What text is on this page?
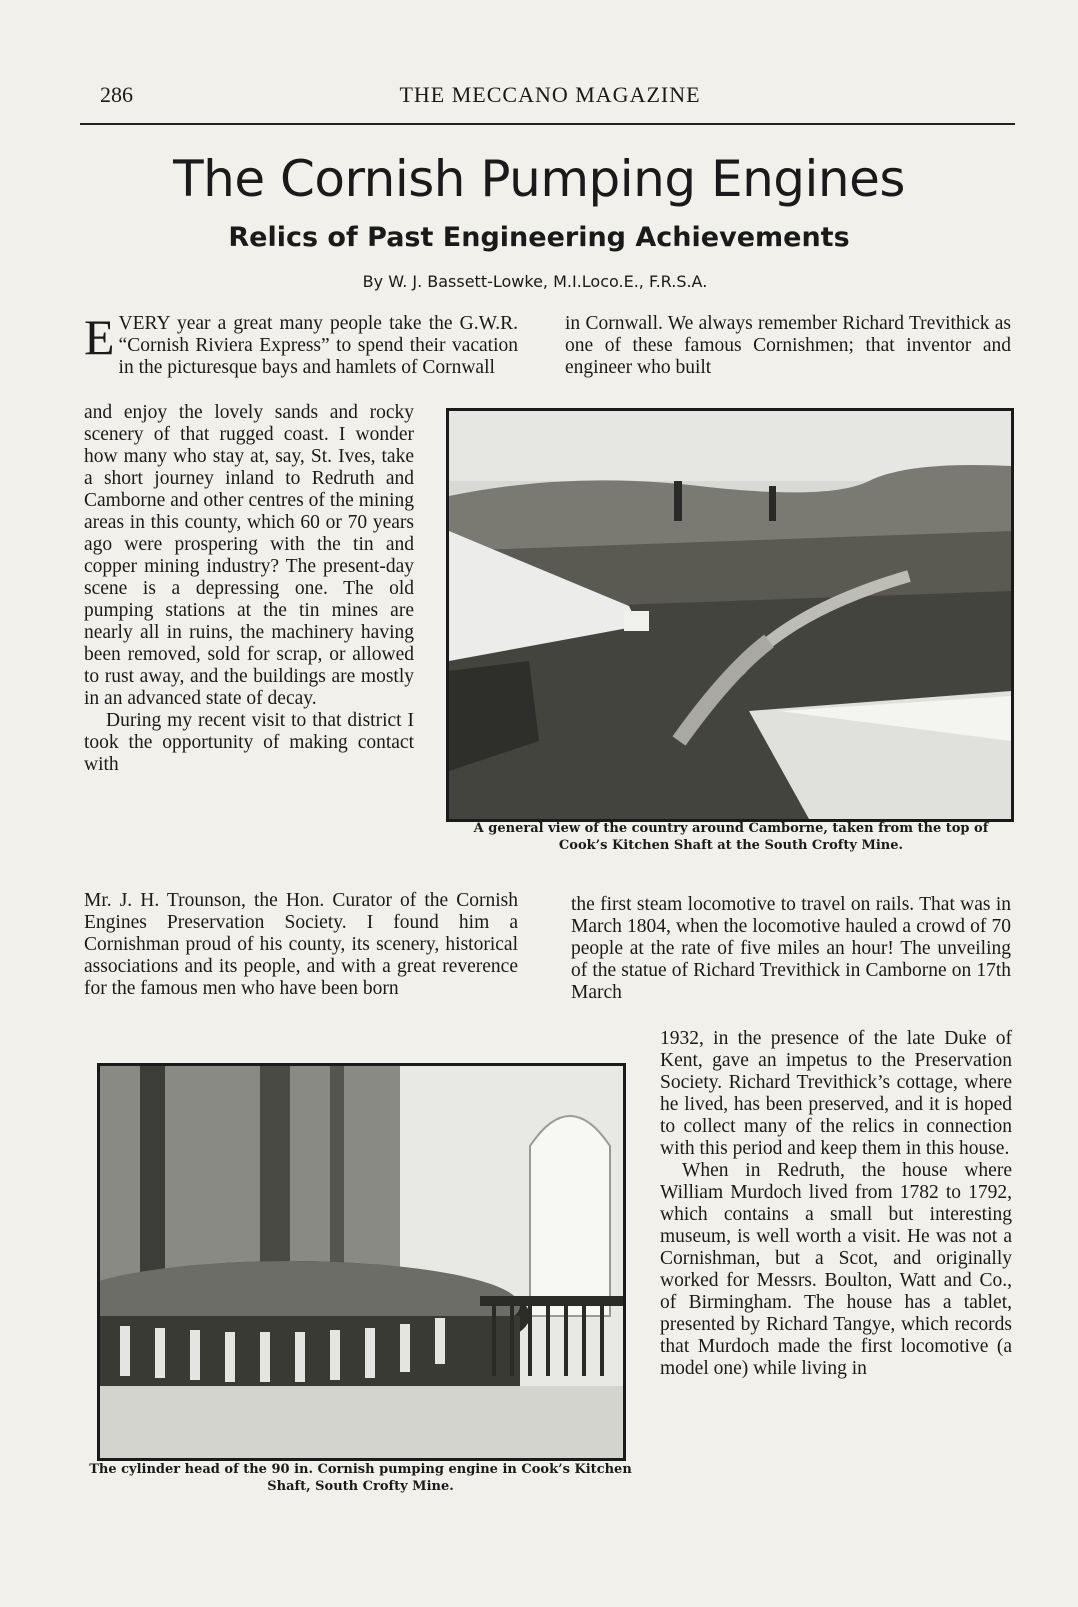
286	THE MECCANO MAGAZINE
The Cornish Pumping Engines
Relics of Past Engineering Achievements
By W. J. Bassett-Lowke, M.I.Loco.E., F.R.S.A.

EVERY year a great many people take the G.W.R. “Cornish Riviera Express” to spend their vacation in the picturesque bays and hamlets of Cornwall

and enjoy the lovely sands and rocky scenery of that rugged coast. I wonder how many who stay at, say, St. Ives, take a short journey inland to Redruth and Camborne and other centres of the mining areas in this county, which 60 or 70 years ago were prospering with the tin and copper mining industry? The present-day scene is a depressing one. The old pumping stations at the tin mines are nearly all in ruins, the machinery having been removed, sold for scrap, or allowed to rust away, and the buildings are mostly in an advanced state of decay.

During my recent visit to that district I took the opportunity of making contact with

Mr. J. H. Trounson, the Hon. Curator of the Cornish Engines Preservation Society. I found him a Cornishman proud of his county, its scenery, historical associations and its people, and with a great reverence for the famous men who have been born

in Cornwall. We always remember Richard Trevithick as one of these famous Cornishmen; that inventor and engineer who built

A general view of the country around Camborne, taken from the top of Cook’s Kitchen Shaft at the South Crofty Mine.

the first steam locomotive to travel on rails. That was in March 1804, when the locomotive hauled a crowd of 70 people at the rate of five miles an hour! The unveiling of the statue of Richard Trevithick in Camborne on 17th March

The cylinder head of the 90 in. Cornish pumping engine in Cook’s Kitchen Shaft, South Crofty Mine.

1932, in the presence of the late Duke of Kent, gave an impetus to the Preservation Society. Richard Trevithick’s cottage, where he lived, has been preserved, and it is hoped to collect many of the relics in connection with this period and keep them in this house.

When in Redruth, the house where William Murdoch lived from 1782 to 1792, which contains a small but interesting museum, is well worth a visit. He was not a Cornishman, but a Scot, and originally worked for Messrs. Boulton, Watt and Co., of Birmingham. The house has a tablet, presented by Richard Tangye, which records that Murdoch made the first locomotive (a model one) while living in
